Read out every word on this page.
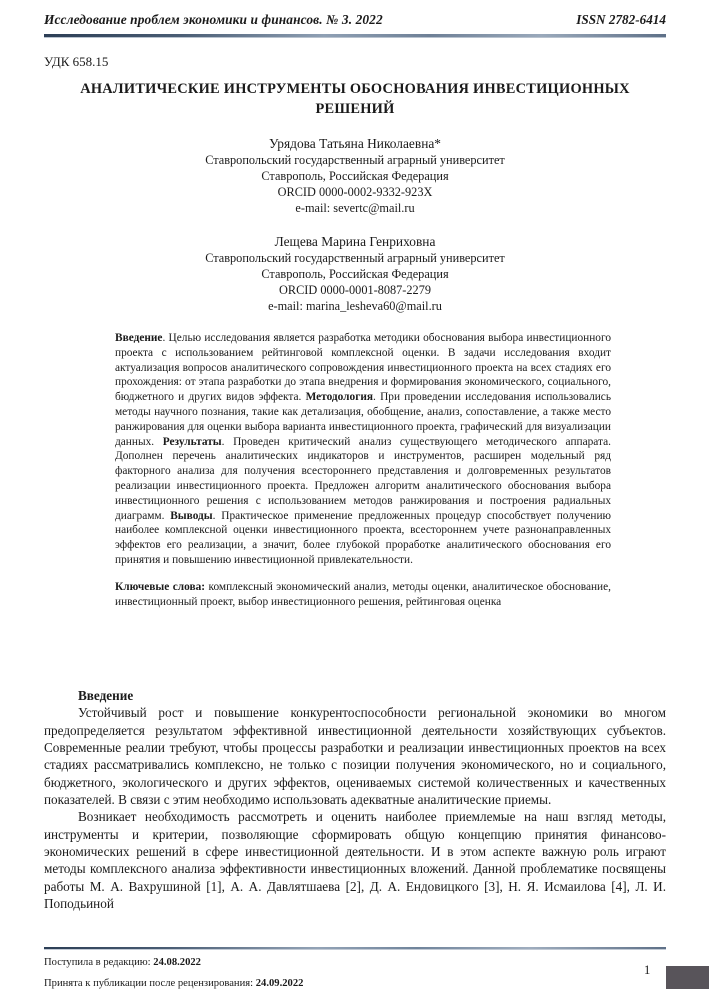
Исследование проблем экономики и финансов. № 3. 2022	ISSN 2782-6414
УДК 658.15
АНАЛИТИЧЕСКИЕ ИНСТРУМЕНТЫ ОБОСНОВАНИЯ ИНВЕСТИЦИОННЫХ РЕШЕНИЙ
Урядова Татьяна Николаевна*
Ставропольский государственный аграрный университет
Ставрополь, Российская Федерация
ORCID 0000-0002-9332-923X
e-mail: severtc@mail.ru
Лещева Марина Генриховна
Ставропольский государственный аграрный университет
Ставрополь, Российская Федерация
ORCID 0000-0001-8087-2279
e-mail: marina_lesheva60@mail.ru

Введение. Целью исследования является разработка методики обоснования выбора инвестиционного проекта с использованием рейтинговой комплексной оценки. В задачи исследования входит актуализация вопросов аналитического сопровождения инвестиционного проекта на всех стадиях его прохождения: от этапа разработки до этапа внедрения и формирования экономического, социального, бюджетного и других видов эффекта. Методология. При проведении исследования использовались методы научного познания, такие как детализация, обобщение, анализ, сопоставление, а также место ранжирования для оценки выбора варианта инвестиционного проекта, графический для визуализации данных. Результаты. Проведен критический анализ существующего методического аппарата. Дополнен перечень аналитических индикаторов и инструментов, расширен модельный ряд факторного анализа для получения всестороннего представления и долговременных результатов реализации инвестиционного проекта. Предложен алгоритм аналитического обоснования выбора инвестиционного решения с использованием методов ранжирования и построения радиальных диаграмм. Выводы. Практическое применение предложенных процедур способствует получению наиболее комплексной оценки инвестиционного проекта, всестороннем учете разнонаправленных эффектов его реализации, а значит, более глубокой проработке аналитического обоснования его принятия и повышению инвестиционной привлекательности.

Ключевые слова: комплексный экономический анализ, методы оценки, аналитическое обоснование, инвестиционный проект, выбор инвестиционного решения, рейтинговая оценка

Введение

Устойчивый рост и повышение конкурентоспособности региональной экономики во многом предопределяется результатом эффективной инвестиционной деятельности хозяйствующих субъектов. Современные реалии требуют, чтобы процессы разработки и реализации инвестиционных проектов на всех стадиях рассматривались комплексно, не только с позиции получения экономического, но и социального, бюджетного, экологического и других эффектов, оцениваемых системой количественных и качественных показателей. В связи с этим необходимо использовать адекватные аналитические приемы.

Возникает необходимость рассмотреть и оценить наиболее приемлемые на наш взгляд методы, инструменты и критерии, позволяющие сформировать общую концепцию принятия финансово-экономических решений в сфере инвестиционной деятельности. И в этом аспекте важную роль играют методы комплексного анализа эффективности инвестиционных вложений. Данной проблематике посвящены работы М. А. Вахрушиной [1], А. А. Давлятшаева [2], Д. А. Ендовицкого [3], Н. Я. Исмаилова [4], Л. И. Поподьиной

Поступила в редакцию: 24.08.2022
Принята к публикации после рецензирования: 24.09.2022
1
